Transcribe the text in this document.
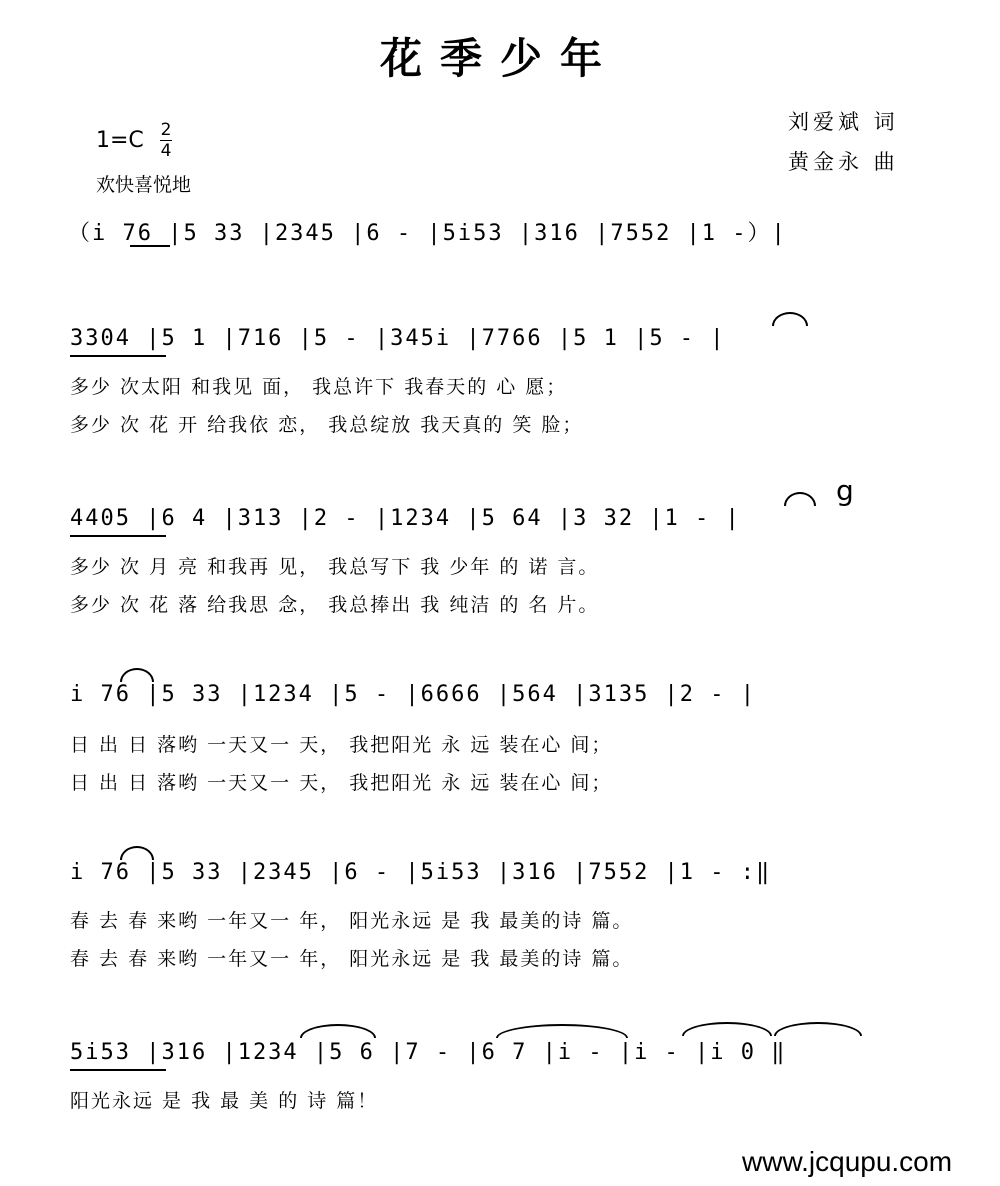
花季少年
刘爱斌 词
黄金永 曲
1=C 2
4
欢快喜悦地
（i 76 |5 33 |2345 |6 - |5i53 |316 |7552 |1 -）|
3304 |5 1 |716 |5 - |345i |7766 |5 1 |5 - |
多少 次太阳 和我见 面， 我总许下 我春天的 心 愿；
多少 次 花 开 给我依 恋， 我总绽放 我天真的 笑 脸；
4405 |6 4 |313 |2 - |1234 |5 64 |3 32 |1 - |
g
多少 次 月 亮 和我再 见， 我总写下 我 少年 的 诺 言。
多少 次 花 落 给我思 念， 我总捧出 我 纯洁 的 名 片。
i 76 |5 33 |1234 |5 - |6666 |564 |3135 |2 - |
日 出 日 落哟 一天又一 天， 我把阳光 永 远 装在心 间；
日 出 日 落哟 一天又一 天， 我把阳光 永 远 装在心 间；
i 76 |5 33 |2345 |6 - |5i53 |316 |7552 |1 - :‖
春 去 春 来哟 一年又一 年， 阳光永远 是 我 最美的诗 篇。
春 去 春 来哟 一年又一 年， 阳光永远 是 我 最美的诗 篇。
5i53 |316 |1234 |5 6 |7 - |6 7 |i - |i - |i 0 ‖
阳光永远 是 我 最 美 的 诗 篇！
www.jcqupu.com
